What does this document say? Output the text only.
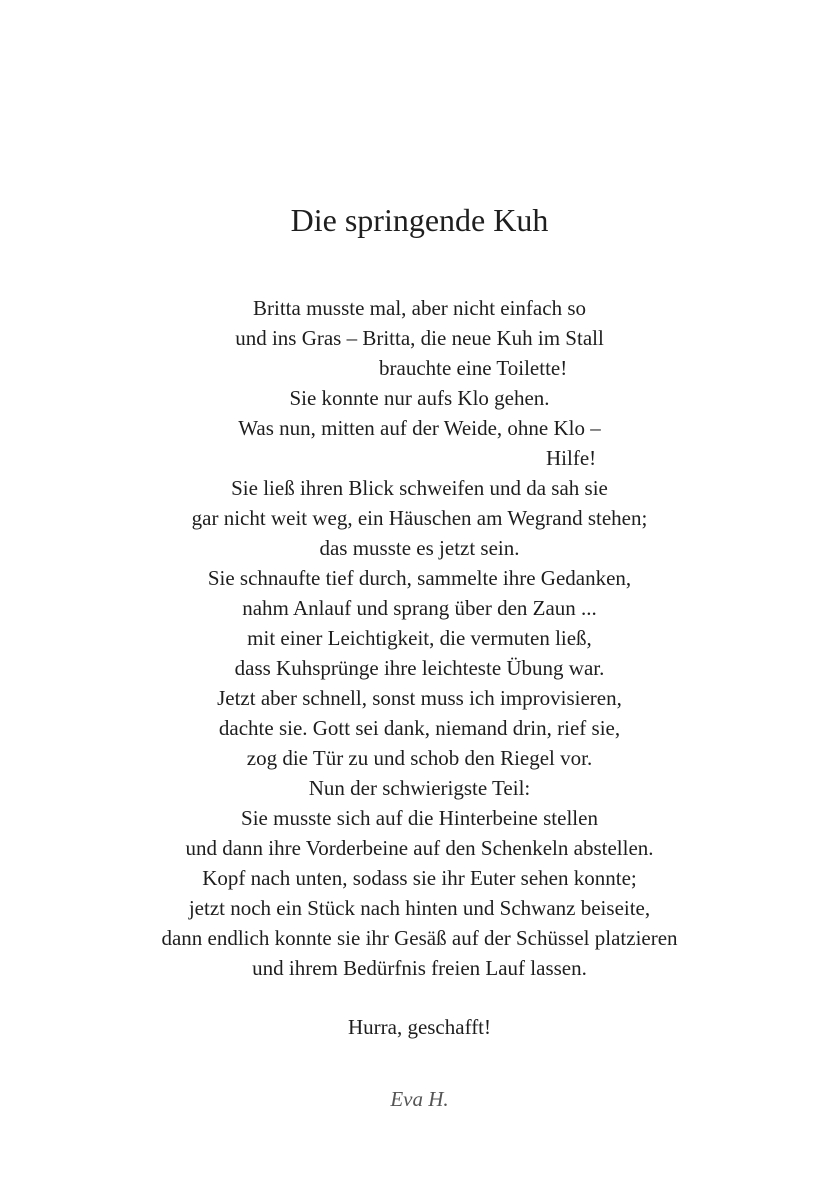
Die springende Kuh
Britta musste mal, aber nicht einfach so
und ins Gras – Britta, die neue Kuh im Stall
brauchte eine Toilette!
Sie konnte nur aufs Klo gehen.
Was nun, mitten auf der Weide, ohne Klo –
Hilfe!
Sie ließ ihren Blick schweifen und da sah sie
gar nicht weit weg, ein Häuschen am Wegrand stehen;
das musste es jetzt sein.
Sie schnaufte tief durch, sammelte ihre Gedanken,
nahm Anlauf und sprang über den Zaun ...
mit einer Leichtigkeit, die vermuten ließ,
dass Kuhsprünge ihre leichteste Übung war.
Jetzt aber schnell, sonst muss ich improvisieren,
dachte sie. Gott sei dank, niemand drin, rief sie,
zog die Tür zu und schob den Riegel vor.
Nun der schwierigste Teil:
Sie musste sich auf die Hinterbeine stellen
und dann ihre Vorderbeine auf den Schenkeln abstellen.
Kopf nach unten, sodass sie ihr Euter sehen konnte;
jetzt noch ein Stück nach hinten und Schwanz beiseite,
dann endlich konnte sie ihr Gesäß auf der Schüssel platzieren
und ihrem Bedürfnis freien Lauf lassen.

Hurra, geschafft!

Eva H.
